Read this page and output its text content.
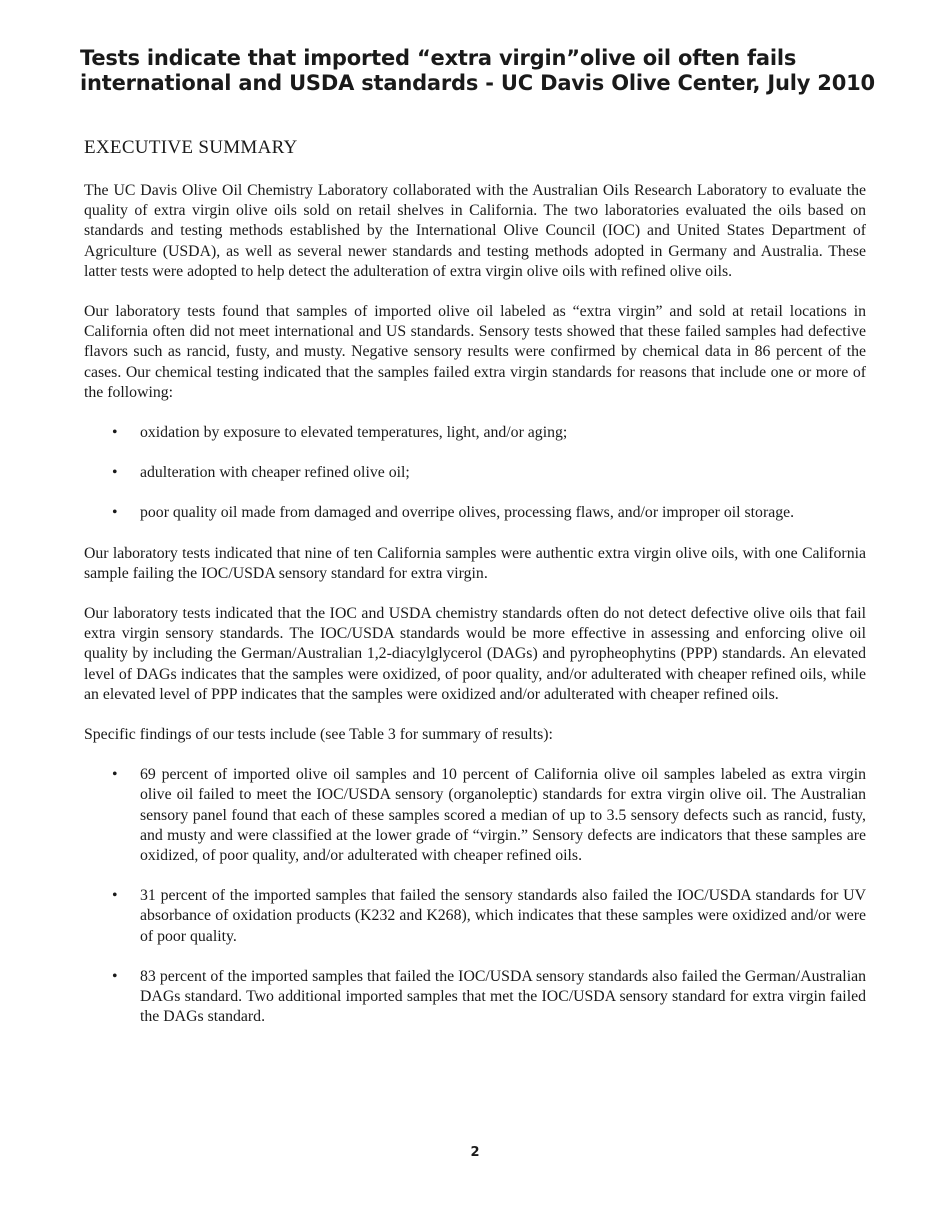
Tests indicate that imported “extra virgin”olive oil often fails international and USDA standards - UC Davis Olive Center, July 2010
EXECUTIVE SUMMARY

The UC Davis Olive Oil Chemistry Laboratory collaborated with the Australian Oils Research Laboratory to evaluate the quality of extra virgin olive oils sold on retail shelves in California. The two laboratories evaluated the oils based on standards and testing methods established by the International Olive Council (IOC) and United States Department of Agriculture (USDA), as well as several newer standards and testing methods adopted in Germany and Australia. These latter tests were adopted to help detect the adulteration of extra virgin olive oils with refined olive oils.

Our laboratory tests found that samples of imported olive oil labeled as “extra virgin” and sold at retail locations in California often did not meet international and US standards. Sensory tests showed that these failed samples had defective flavors such as rancid, fusty, and musty. Negative sensory results were confirmed by chemical data in 86 percent of the cases. Our chemical testing indicated that the samples failed extra virgin standards for reasons that include one or more of the following:

• oxidation by exposure to elevated temperatures, light, and/or aging;
• adulteration with cheaper refined olive oil;
• poor quality oil made from damaged and overripe olives, processing flaws, and/or improper oil storage.

Our laboratory tests indicated that nine of ten California samples were authentic extra virgin olive oils, with one California sample failing the IOC/USDA sensory standard for extra virgin.

Our laboratory tests indicated that the IOC and USDA chemistry standards often do not detect defective olive oils that fail extra virgin sensory standards. The IOC/USDA standards would be more effective in assessing and enforcing olive oil quality by including the German/Australian 1,2-diacylglycerol (DAGs) and pyropheophytins (PPP) standards. An elevated level of DAGs indicates that the samples were oxidized, of poor quality, and/or adulterated with cheaper refined oils, while an elevated level of PPP indicates that the samples were oxidized and/or adulterated with cheaper refined oils.

Specific findings of our tests include (see Table 3 for summary of results):

• 69 percent of imported olive oil samples and 10 percent of California olive oil samples labeled as extra virgin olive oil failed to meet the IOC/USDA sensory (organoleptic) standards for extra virgin olive oil. The Australian sensory panel found that each of these samples scored a median of up to 3.5 sensory defects such as rancid, fusty, and musty and were classified at the lower grade of “virgin.” Sensory defects are indicators that these samples are oxidized, of poor quality, and/or adulterated with cheaper refined oils.
• 31 percent of the imported samples that failed the sensory standards also failed the IOC/USDA standards for UV absorbance of oxidation products (K232 and K268), which indicates that these samples were oxidized and/or were of poor quality.
• 83 percent of the imported samples that failed the IOC/USDA sensory standards also failed the German/Australian DAGs standard. Two additional imported samples that met the IOC/USDA sensory standard for extra virgin failed the DAGs standard.
2
